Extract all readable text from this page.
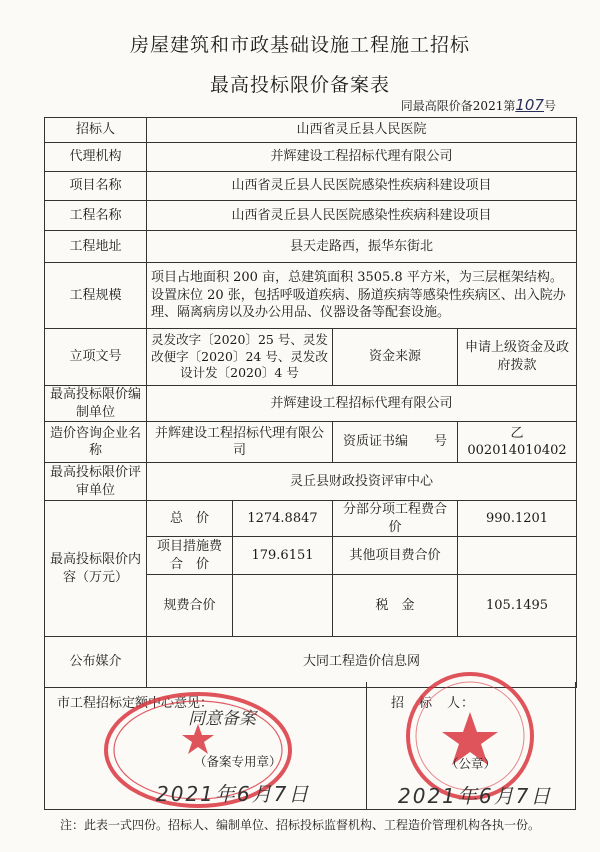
房屋建筑和市政基础设施工程施工招标
最高投标限价备案表
同最高限价备2021第107号
招标人	山西省灵丘县人民医院			
代理机构	并辉建设工程招标代理有限公司			
项目名称	山西省灵丘县人民医院感染性疾病科建设项目			
工程名称	山西省灵丘县人民医院感染性疾病科建设项目			
工程地址	县天走路西，振华东街北			
工程规模	项目占地面积 200 亩，总建筑面积 3505.8 平方米，为三层框架结构。设置床位 20 张，包括呼吸道疾病、肠道疾病等感染性疾病区、出入院办理、隔离病房以及办公用品、仪器设备等配套设施。			
立项文号	灵发改字〔2020〕25 号、灵发改便字〔2020〕24 号、灵发改设计发〔2020〕4 号		资金来源	申请上级资金及政府拨款
最高投标限价编制单位	并辉建设工程招标代理有限公司			
造价咨询企业名称	并辉建设工程招标代理有限公司		资质证书编　　号	乙 002014010402
最高投标限价评审单位	灵丘县财政投资评审中心			
最高投标限价内容（万元）	总　价	1274.8847	分部分项工程费合价	990.1201
	项目措施费合　价	179.6151	其他项目费合价	
	规费合价		税　金	105.1495
公布媒介	大同工程造价信息网			
市工程招标定额中心意见：	招　标　人：
同意备案
（备案专用章）
2021年6月7日
（公章）
2021年6月7日
注：此表一式四份。招标人、编制单位、招标投标监督机构、工程造价管理机构各执一份。
